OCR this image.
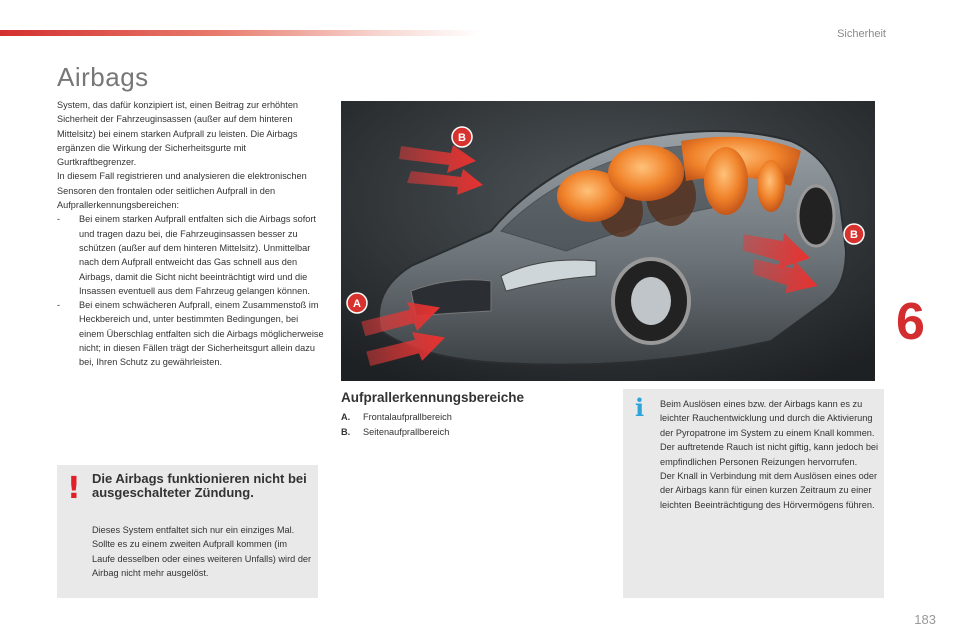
Sicherheit
Airbags

System, das dafür konzipiert ist, einen Beitrag zur erhöhten Sicherheit der Fahrzeuginsassen (außer auf dem hinteren Mittelsitz) bei einem starken Aufprall zu leisten. Die Airbags ergänzen die Wirkung der Sicherheitsgurte mit Gurtkraftbegrenzer.

In diesem Fall registrieren und analysieren die elektronischen Sensoren den frontalen oder seitlichen Aufprall in den Aufprallerkennungsbereichen:

-	Bei einem starken Aufprall entfalten sich die Airbags sofort und tragen dazu bei, die Fahrzeuginsassen besser zu schützen (außer auf dem hinteren Mittelsitz). Unmittelbar nach dem Aufprall entweicht das Gas schnell aus den Airbags, damit die Sicht nicht beeinträchtigt wird und die Insassen eventuell aus dem Fahrzeug gelangen können.
-	Bei einem schwächeren Aufprall, einem Zusammenstoß im Heckbereich und, unter bestimmten Bedingungen, bei einem Überschlag entfalten sich die Airbags möglicherweise nicht; in diesen Fällen trägt der Sicherheitsgurt allein dazu bei, Ihren Schutz zu gewährleisten.
! Die Airbags funktionieren nicht bei ausgeschalteter Zündung.
Dieses System entfaltet sich nur ein einziges Mal. Sollte es zu einem zweiten Aufprall kommen (im Laufe desselben oder eines weiteren Unfalls) wird der Airbag nicht mehr ausgelöst.
B
B
A
Aufprallerkennungsbereiche
A. Frontalaufprallbereich
B. Seitenaufprallbereich
i Beim Auslösen eines bzw. der Airbags kann es zu leichter Rauchentwicklung und durch die Aktivierung der Pyropatrone im System zu einem Knall kommen.
Der auftretende Rauch ist nicht giftig, kann jedoch bei empfindlichen Personen Reizungen hervorrufen.
Der Knall in Verbindung mit dem Auslösen eines oder der Airbags kann für einen kurzen Zeitraum zu einer leichten Beeinträchtigung des Hörvermögens führen.
6
183
